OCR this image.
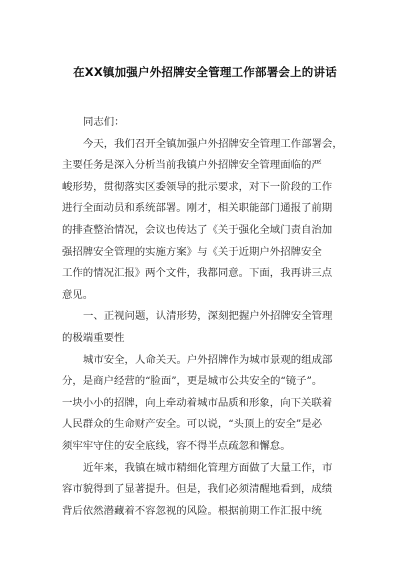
在XX镇加强户外招牌安全管理工作部署会上的讲话
同志们：
今天，我们召开全镇加强户外招牌安全管理工作部署会，
主要任务是深入分析当前我镇户外招牌安全管理面临的严
峻形势，贯彻落实区委领导的批示要求，对下一阶段的工作
进行全面动员和系统部署。刚才，相关职能部门通报了前期
的排查整治情况，会议也传达了《关于强化全域门责自治加
强招牌安全管理的实施方案》与《关于近期户外招牌安全
工作的情况汇报》两个文件，我都同意。下面，我再讲三点
意见。
一、正视问题，认清形势，深刻把握户外招牌安全管理
的极端重要性
城市安全，人命关天。户外招牌作为城市景观的组成部
分，是商户经营的“脸面”，更是城市公共安全的“镜子”。
一块小小的招牌，向上牵动着城市品质和形象，向下关联着
人民群众的生命财产安全。可以说，“头顶上的安全”是必
须牢牢守住的安全底线，容不得半点疏忽和懈怠。
近年来，我镇在城市精细化管理方面做了大量工作，市
容市貌得到了显著提升。但是，我们必须清醒地看到，成绩
背后依然潜藏着不容忽视的风险。根据前期工作汇报中统
